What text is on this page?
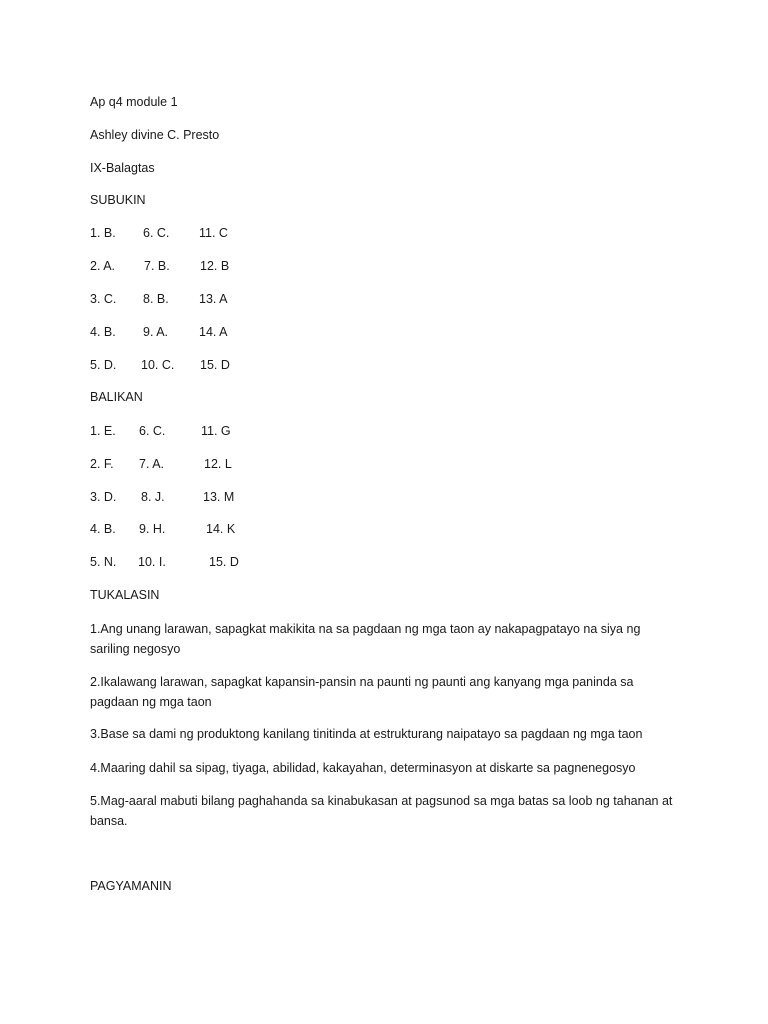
Ap q4 module 1
Ashley divine C. Presto
IX-Balagtas
SUBUKIN
1. B. 6. C. 11. C
2. A. 7. B. 12. B
3. C. 8. B. 13. A
4. B. 9. A. 14. A
5. D. 10. C. 15. D
BALIKAN
1. E. 6. C.	11. G
2. F. 7. A.	12. L
3. D. 8. J.	13. M
4. B. 9. H.	14. K
5. N. 10. I.	15. D
TUKALASIN
1.Ang unang larawan, sapagkat makikita na sa pagdaan ng mga taon ay nakapagpatayo na siya ng sariling negosyo
2.Ikalawang larawan, sapagkat kapansin-pansin na paunti ng paunti ang kanyang mga paninda sa pagdaan ng mga taon
3.Base sa dami ng produktong kanilang tinitinda at estrukturang naipatayo sa pagdaan ng mga taon
4.Maaring dahil sa sipag, tiyaga, abilidad, kakayahan, determinasyon at diskarte sa pagnenegosyo
5.Mag-aaral mabuti bilang paghahanda sa kinabukasan at pagsunod sa mga batas sa loob ng tahanan at bansa.
PAGYAMANIN
